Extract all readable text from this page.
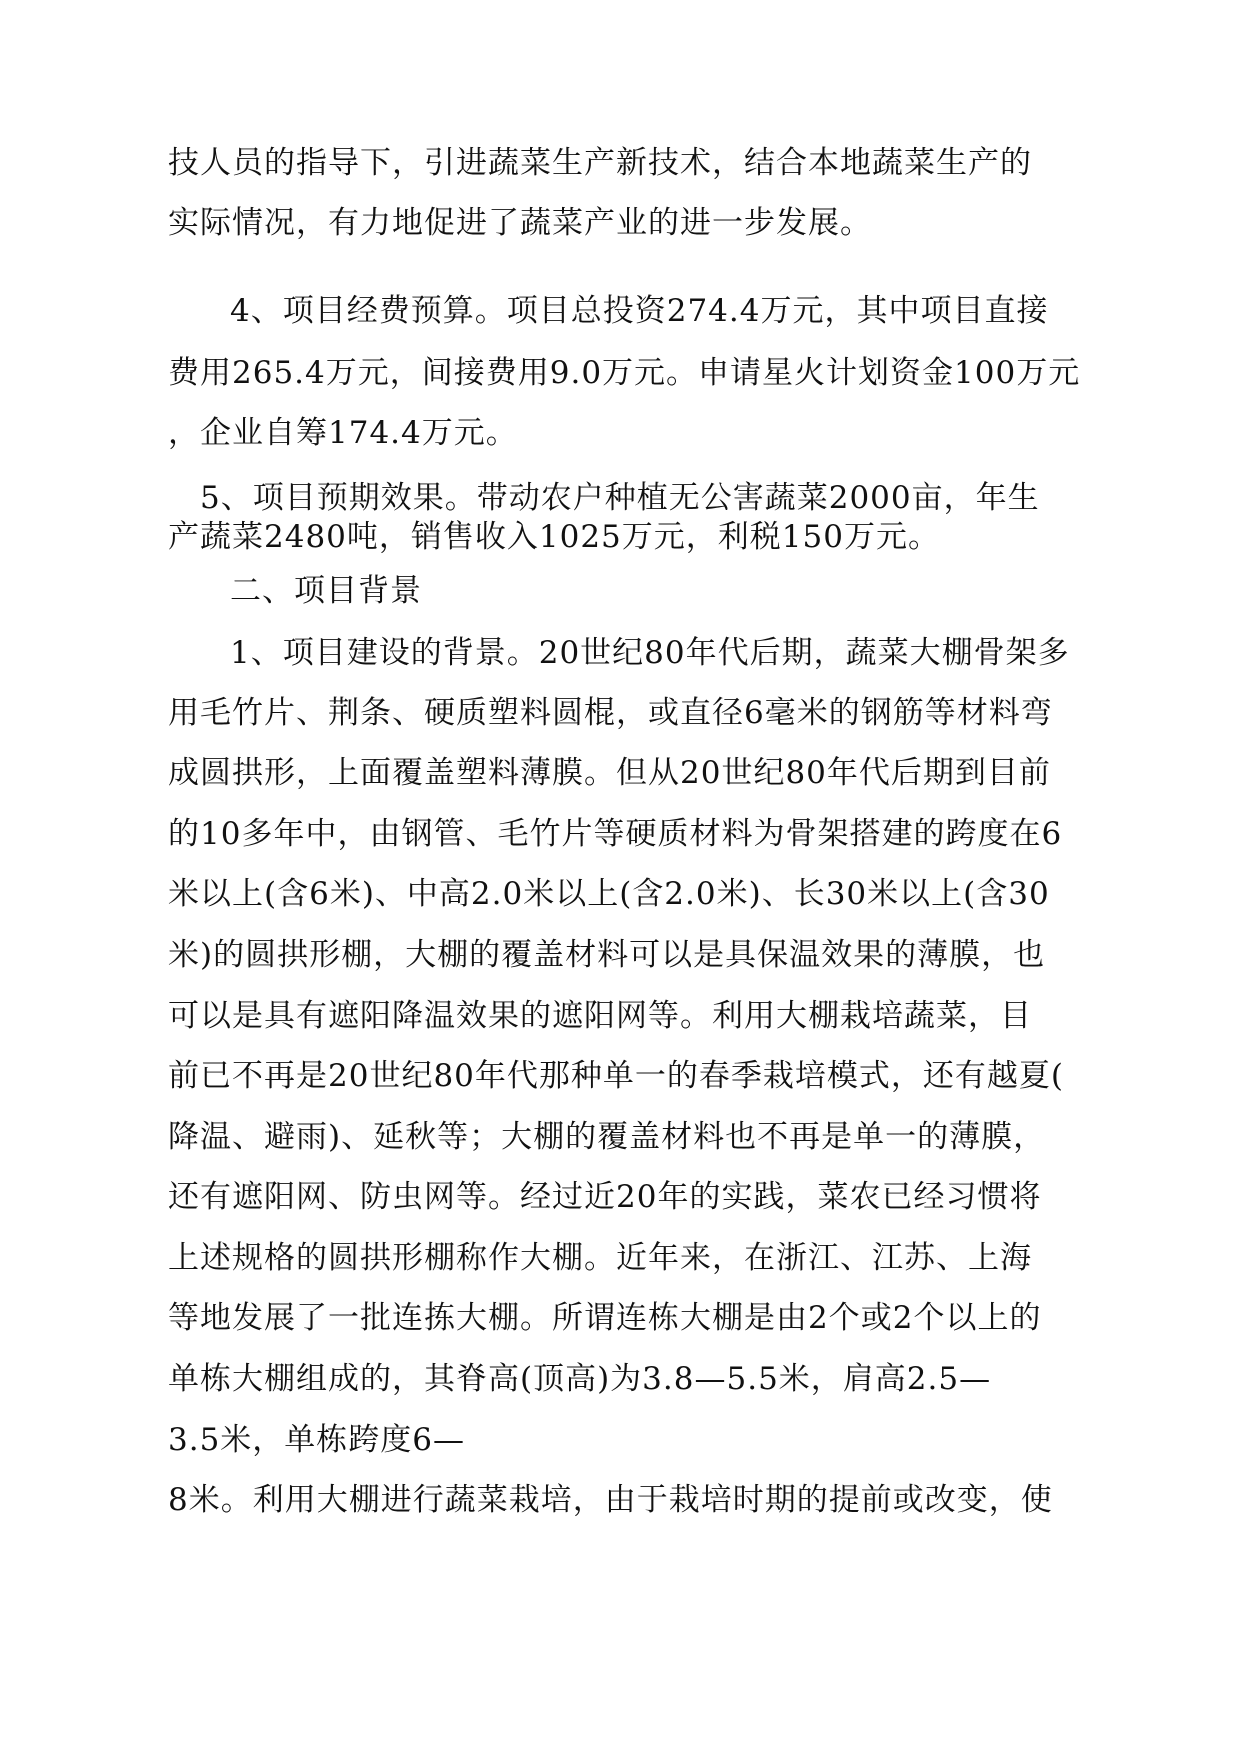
技人员的指导下，引进蔬菜生产新技术，结合本地蔬菜生产的
实际情况，有力地促进了蔬菜产业的进一步发展。
4、项目经费预算。项目总投资274.4万元，其中项目直接
费用265.4万元，间接费用9.0万元。申请星火计划资金100万元
，企业自筹174.4万元。
5、项目预期效果。带动农户种植无公害蔬菜2000亩，年生
产蔬菜2480吨，销售收入1025万元，利税150万元。
二、项目背景
1、项目建设的背景。20世纪80年代后期，蔬菜大棚骨架多
用毛竹片、荆条、硬质塑料圆棍，或直径6毫米的钢筋等材料弯
成圆拱形，上面覆盖塑料薄膜。但从20世纪80年代后期到目前
的10多年中，由钢管、毛竹片等硬质材料为骨架搭建的跨度在6
米以上(含6米)、中高2.0米以上(含2.0米)、长30米以上(含30
米)的圆拱形棚，大棚的覆盖材料可以是具保温效果的薄膜，也
可以是具有遮阳降温效果的遮阳网等。利用大棚栽培蔬菜，目
前已不再是20世纪80年代那种单一的春季栽培模式，还有越夏(
降温、避雨)、延秋等；大棚的覆盖材料也不再是单一的薄膜，
还有遮阳网、防虫网等。经过近20年的实践，菜农已经习惯将
上述规格的圆拱形棚称作大棚。近年来，在浙江、江苏、上海
等地发展了一批连拣大棚。所谓连栋大棚是由2个或2个以上的
单栋大棚组成的，其脊高(顶高)为3.8—5.5米，肩高2.5—
3.5米，单栋跨度6—
8米。利用大棚进行蔬菜栽培，由于栽培时期的提前或改变，使
